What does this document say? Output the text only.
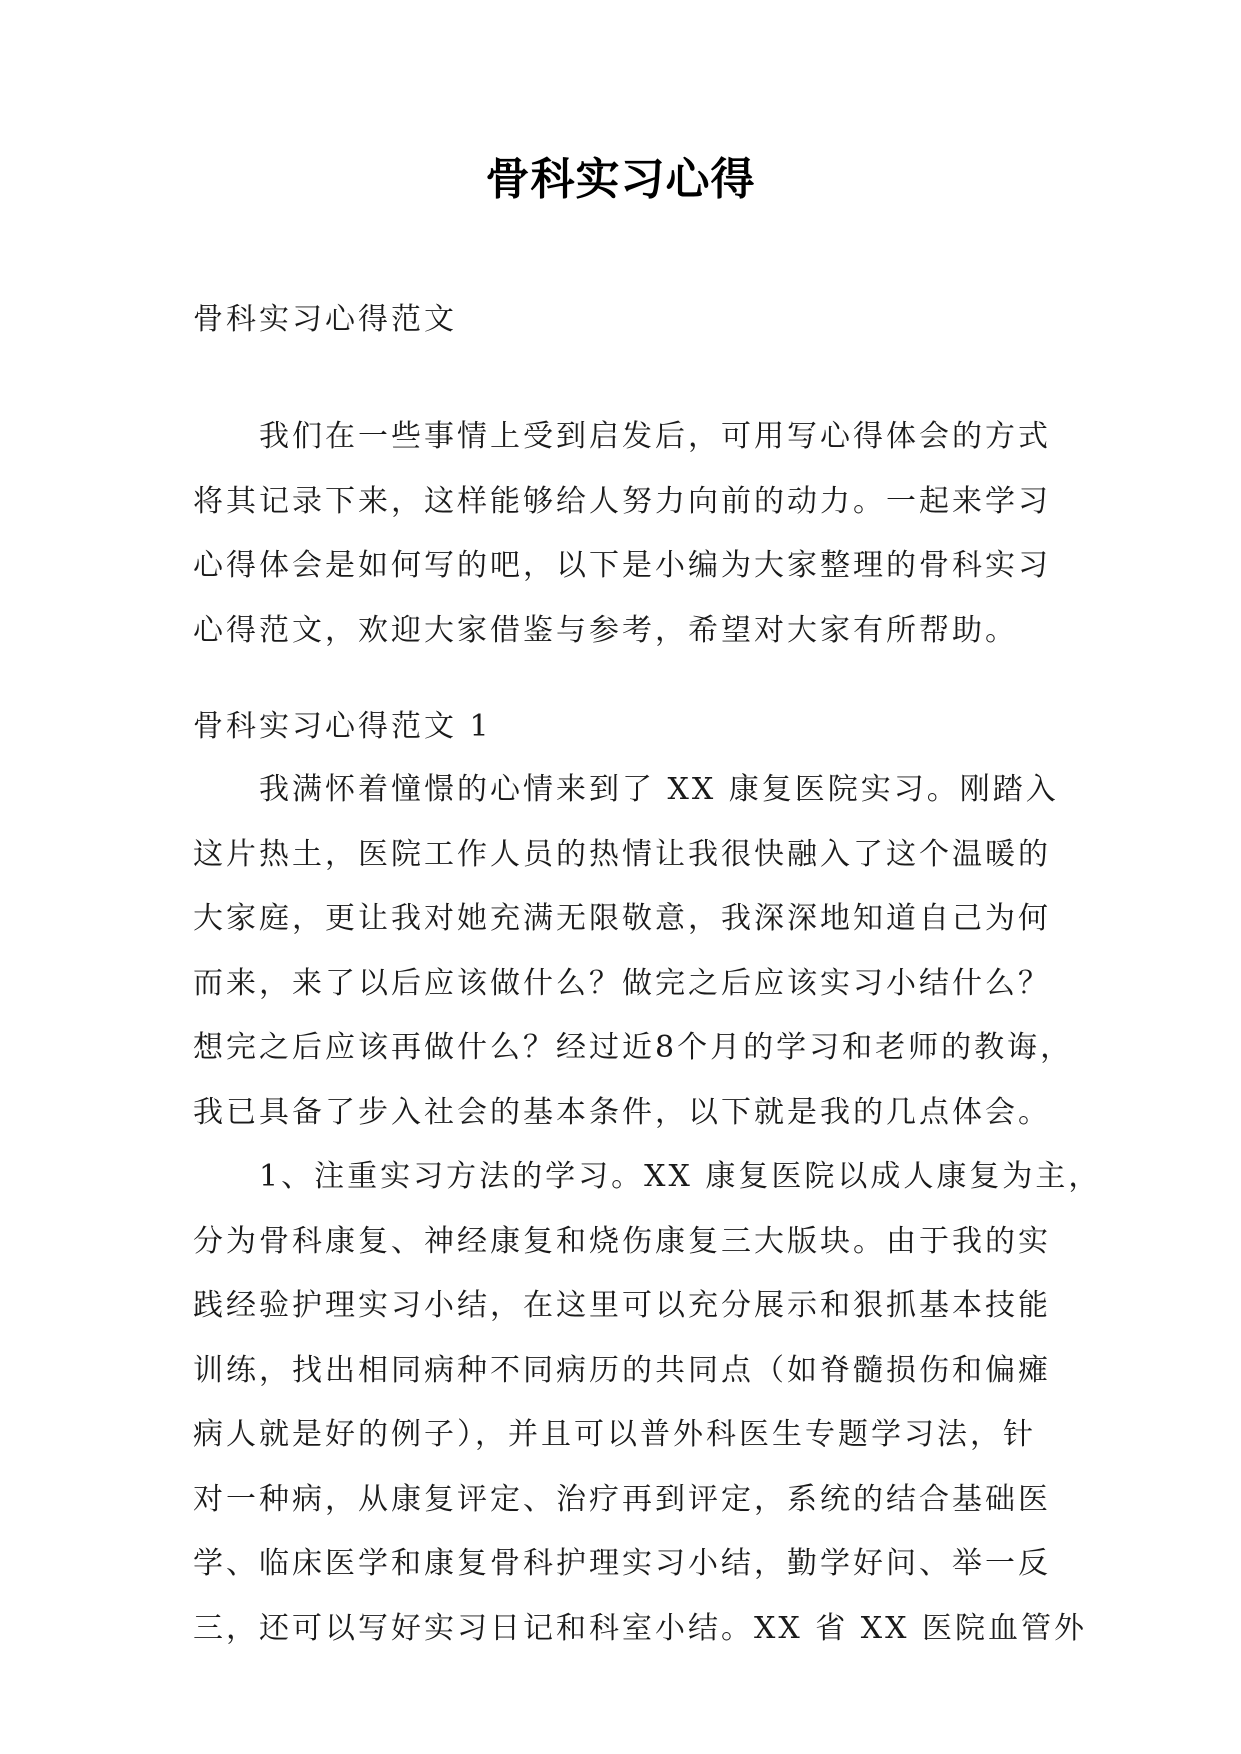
骨科实习心得
骨科实习心得范文
我们在一些事情上受到启发后，可用写心得体会的方式
将其记录下来，这样能够给人努力向前的动力。一起来学习
心得体会是如何写的吧，以下是小编为大家整理的骨科实习
心得范文，欢迎大家借鉴与参考，希望对大家有所帮助。
骨科实习心得范文 1
我满怀着憧憬的心情来到了 XX 康复医院实习。刚踏入
这片热土，医院工作人员的热情让我很快融入了这个温暖的
大家庭，更让我对她充满无限敬意，我深深地知道自己为何
而来，来了以后应该做什么？做完之后应该实习小结什么？
想完之后应该再做什么？经过近8个月的学习和老师的教诲，
我已具备了步入社会的基本条件，以下就是我的几点体会。
1、注重实习方法的学习。XX 康复医院以成人康复为主，
分为骨科康复、神经康复和烧伤康复三大版块。由于我的实
践经验护理实习小结，在这里可以充分展示和狠抓基本技能
训练，找出相同病种不同病历的共同点（如脊髓损伤和偏瘫
病人就是好的例子），并且可以普外科医生专题学习法，针
对一种病，从康复评定、治疗再到评定，系统的结合基础医
学、临床医学和康复骨科护理实习小结，勤学好问、举一反
三，还可以写好实习日记和科室小结。XX 省 XX 医院血管外
